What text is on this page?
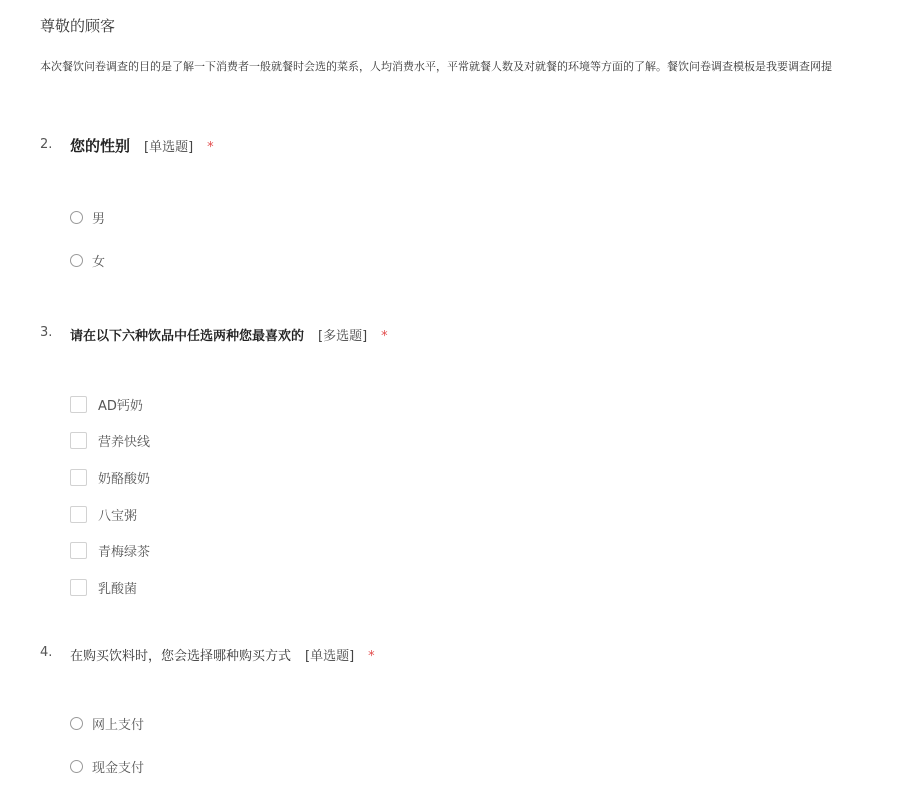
尊敬的顾客
本次餐饮问卷调查的目的是了解一下消费者一般就餐时会选的菜系，人均消费水平，平常就餐人数及对就餐的环境等方面的了解。餐饮问卷调查模板是我要调查网提
2. 您的性别 [单选题] *
男
女
3. 请在以下六种饮品中任选两种您最喜欢的 [多选题] *
AD钙奶
营养快线
奶酪酸奶
八宝粥
青梅绿茶
乳酸菌
4. 在购买饮料时，您会选择哪种购买方式 [单选题] *
网上支付
现金支付
